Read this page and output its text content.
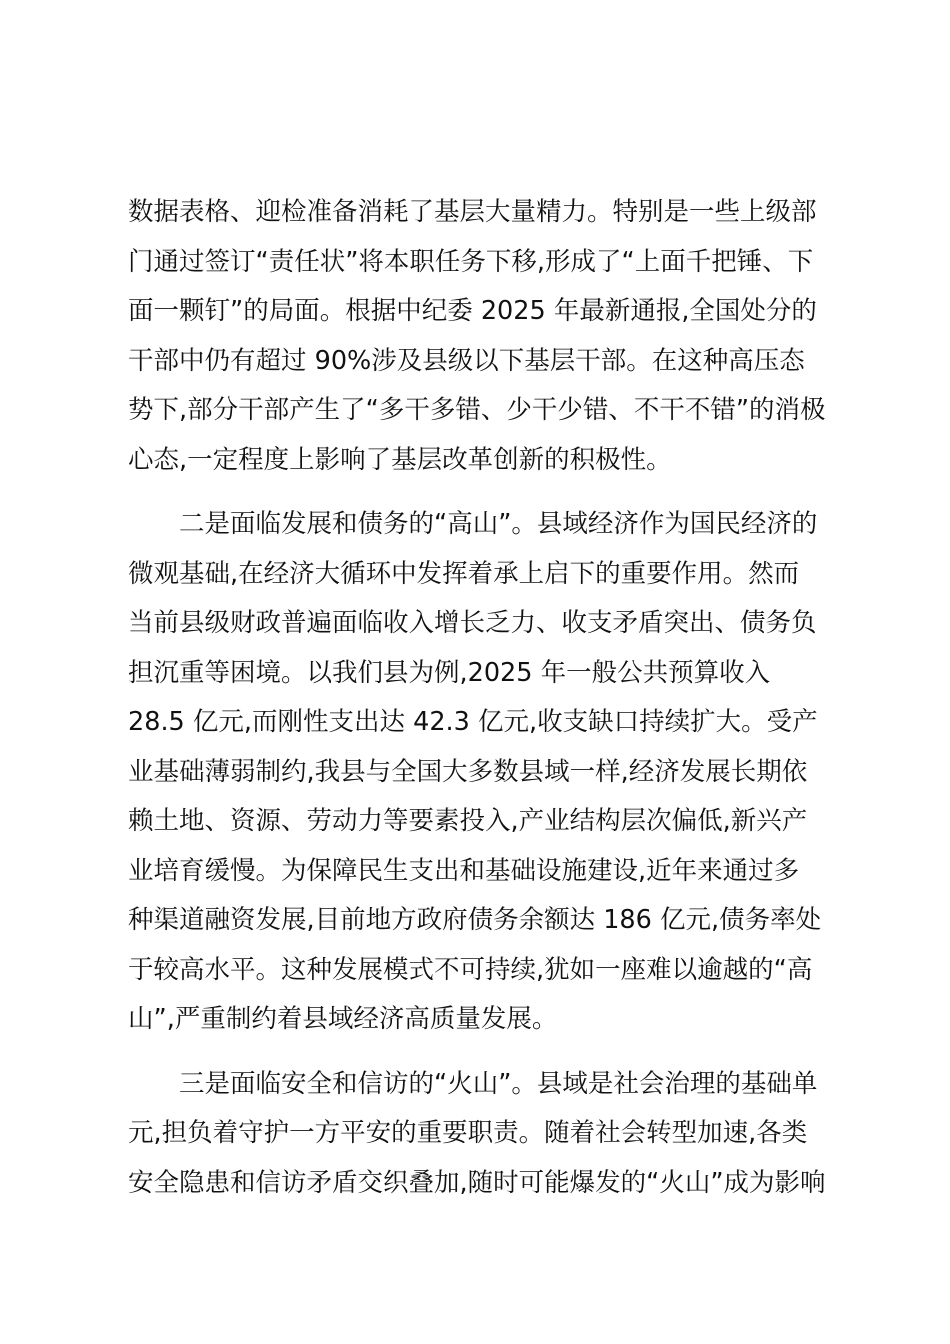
数据表格、迎检准备消耗了基层大量精力。特别是一些上级部
门通过签订“责任状”将本职任务下移,形成了“上面千把锤、下
面一颗钉”的局面。根据中纪委 2025 年最新通报,全国处分的
干部中仍有超过 90%涉及县级以下基层干部。在这种高压态
势下,部分干部产生了“多干多错、少干少错、不干不错”的消极
心态,一定程度上影响了基层改革创新的积极性。
二是面临发展和债务的“高山”。县域经济作为国民经济的
微观基础,在经济大循环中发挥着承上启下的重要作用。然而
当前县级财政普遍面临收入增长乏力、收支矛盾突出、债务负
担沉重等困境。以我们县为例,2025 年一般公共预算收入
28.5 亿元,而刚性支出达 42.3 亿元,收支缺口持续扩大。受产
业基础薄弱制约,我县与全国大多数县域一样,经济发展长期依
赖土地、资源、劳动力等要素投入,产业结构层次偏低,新兴产
业培育缓慢。为保障民生支出和基础设施建设,近年来通过多
种渠道融资发展,目前地方政府债务余额达 186 亿元,债务率处
于较高水平。这种发展模式不可持续,犹如一座难以逾越的“高
山”,严重制约着县域经济高质量发展。
三是面临安全和信访的“火山”。县域是社会治理的基础单
元,担负着守护一方平安的重要职责。随着社会转型加速,各类
安全隐患和信访矛盾交织叠加,随时可能爆发的“火山”成为影响
